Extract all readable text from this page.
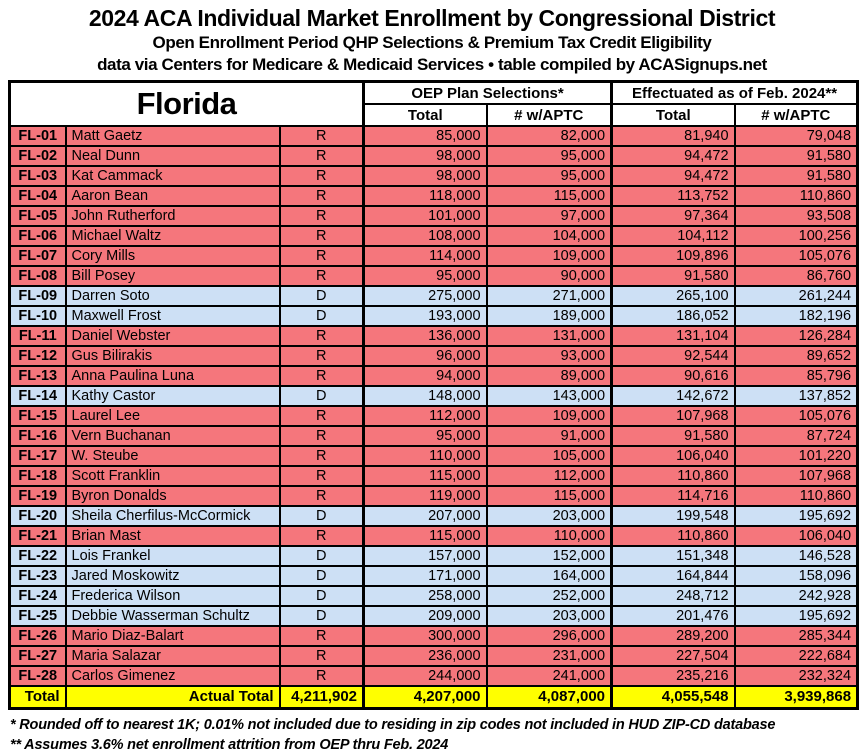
2024 ACA Individual Market Enrollment by Congressional District
Open Enrollment Period QHP Selections & Premium Tax Credit Eligibility
data via Centers for Medicare & Medicaid Services • table compiled by ACASignups.net
Florida			OEP Plan Selections*		Effectuated as of Feb. 2024**	
			Total	# w/APTC	Total	# w/APTC
FL-01	Matt Gaetz	R	85,000	82,000	81,940	79,048
FL-02	Neal Dunn	R	98,000	95,000	94,472	91,580
FL-03	Kat Cammack	R	98,000	95,000	94,472	91,580
FL-04	Aaron Bean	R	118,000	115,000	113,752	110,860
FL-05	John Rutherford	R	101,000	97,000	97,364	93,508
FL-06	Michael Waltz	R	108,000	104,000	104,112	100,256
FL-07	Cory Mills	R	114,000	109,000	109,896	105,076
FL-08	Bill Posey	R	95,000	90,000	91,580	86,760
FL-09	Darren Soto	D	275,000	271,000	265,100	261,244
FL-10	Maxwell Frost	D	193,000	189,000	186,052	182,196
FL-11	Daniel Webster	R	136,000	131,000	131,104	126,284
FL-12	Gus Bilirakis	R	96,000	93,000	92,544	89,652
FL-13	Anna Paulina Luna	R	94,000	89,000	90,616	85,796
FL-14	Kathy Castor	D	148,000	143,000	142,672	137,852
FL-15	Laurel Lee	R	112,000	109,000	107,968	105,076
FL-16	Vern Buchanan	R	95,000	91,000	91,580	87,724
FL-17	W. Steube	R	110,000	105,000	106,040	101,220
FL-18	Scott Franklin	R	115,000	112,000	110,860	107,968
FL-19	Byron Donalds	R	119,000	115,000	114,716	110,860
FL-20	Sheila Cherfilus-McCormick	D	207,000	203,000	199,548	195,692
FL-21	Brian Mast	R	115,000	110,000	110,860	106,040
FL-22	Lois Frankel	D	157,000	152,000	151,348	146,528
FL-23	Jared Moskowitz	D	171,000	164,000	164,844	158,096
FL-24	Frederica Wilson	D	258,000	252,000	248,712	242,928
FL-25	Debbie Wasserman Schultz	D	209,000	203,000	201,476	195,692
FL-26	Mario Diaz-Balart	R	300,000	296,000	289,200	285,344
FL-27	Maria Salazar	R	236,000	231,000	227,504	222,684
FL-28	Carlos Gimenez	R	244,000	241,000	235,216	232,324
Total	Actual Total	4,211,902	4,207,000	4,087,000	4,055,548	3,939,868
* Rounded off to nearest 1K; 0.01% not included due to residing in zip codes not included in HUD ZIP-CD database
** Assumes 3.6% net enrollment attrition from OEP thru Feb. 2024
